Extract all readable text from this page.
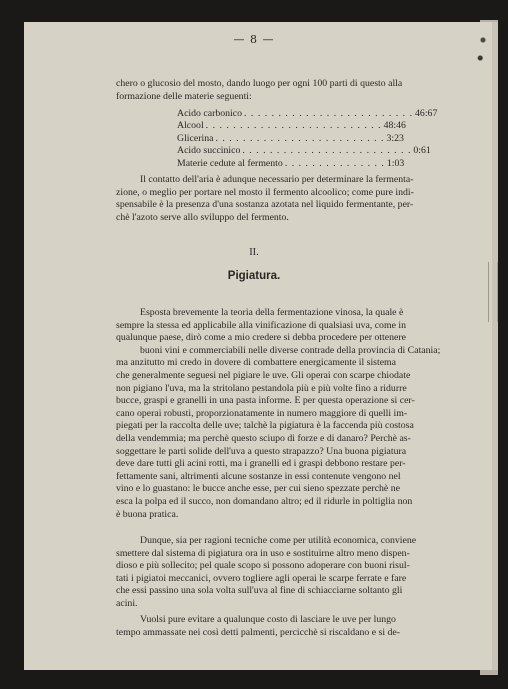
— 8 —

chero o glucosio del mosto, dando luogo per ogni 100 parti di questo alla

formazione delle materie seguenti:

Acido carbonico . . . . . . . . . . . . . . . . . . . . . . . . . 46:67
Alcool . . . . . . . . . . . . . . . . . . . . . . . . . . 48:46
Glicerina . . . . . . . . . . . . . . . . . . . . . . . . . 3:23
Acido succinico . . . . . . . . . . . . . . . . . . . . . . . . . 0:61
Materie cedute al fermento . . . . . . . . . . . . . . . 1:03

Il contatto dell'aria è adunque necessario per determinare la fermenta-

zione, o meglio per portare nel mosto il fermento alcoolico; come pure indi-

spensabile è la presenza d'una sostanza azotata nel liquido fermentante, per-

chè l'azoto serve allo sviluppo del fermento.

II.
Pigiatura.

Esposta brevemente la teoria della fermentazione vinosa, la quale è

sempre la stessa ed applicabile alla vinificazione di qualsiasi uva, come in

qualunque paese, dirò come a mio credere si debba procedere per ottenere

buoni vini e commerciabili nelle diverse contrade della provincia di Catania;

ma anzitutto mi credo in dovere di combattere energicamente il sistema

che generalmente seguesi nel pigiare le uve. Gli operai con scarpe chiodate

non pigiano l'uva, ma la stritolano pestandola più e più volte fino a ridurre

bucce, graspi e granelli in una pasta informe. E per questa operazione si cer-

cano operai robusti, proporzionatamente in numero maggiore di quelli im-

piegati per la raccolta delle uve; talchè la pigiatura è la faccenda più costosa

della vendemmia; ma perchè questo sciupo di forze e di danaro? Perchè as-

soggettare le parti solide dell'uva a questo strapazzo? Una buona pigiatura

deve dare tutti gli acini rotti, ma i granelli ed i graspi debbono restare per-

fettamente sani, altrimenti alcune sostanze in essi contenute vengono nel

vino e lo guastano: le bucce anche esse, per cui sieno spezzate perchè ne

esca la polpa ed il succo, non domandano altro; ed il ridurle in poltiglia non

è buona pratica.

Dunque, sia per ragioni tecniche come per utilità economica, conviene

smettere dal sistema di pigiatura ora in uso e sostituirne altro meno dispen-

dioso e più sollecito; pel quale scopo si possono adoperare con buoni risul-

tati i pigiatoi meccanici, ovvero togliere agli operai le scarpe ferrate e fare

che essi passino una sola volta sull'uva al fine di schiacciarne soltanto gli

acini.

Vuolsi pure evitare a qualunque costo di lasciare le uve per lungo

tempo ammassate nei così detti palmenti, percicchè si riscaldano e si de-
